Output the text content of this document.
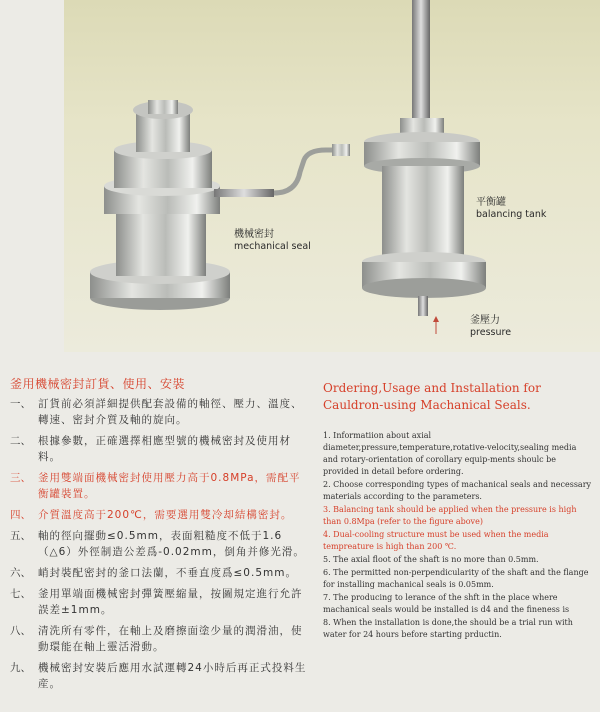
機械密封
mechanical seal
平衡罐
balancing tank
釜壓力
pressure
釜用機械密封訂貨、使用、安裝
一、 訂貨前必須詳細提供配套設備的軸徑、壓力、溫度、轉速、密封介質及軸的旋向。
二、 根據參數，正確選擇相應型號的機械密封及使用材料。
三、 釜用雙端面機械密封使用壓力高于0.8MPa，需配平衡罐裝置。
四、 介質溫度高于200℃，需要選用雙冷却結構密封。
五、 軸的徑向擺動≤0.5mm，表面粗糙度不低于1.6（△6）外徑制造公差爲-0.02mm，倒角并修光滑。
六、 峭封裝配密封的釜口法蘭，不垂直度爲≤0.5mm。
七、 釜用單端面機械密封彈簧壓縮量，按圖規定進行允許誤差±1mm。
八、 清洗所有零件，在軸上及磨擦面塗少量的潤滑油，使動環能在軸上靈活滑動。
九、 機械密封安裝后應用水試運轉24小時后再正式投料生産。
Ordering,Usage and Installation for Cauldron-using Machanical Seals.
1. Informatiion about axial diameter,pressure,temperature,rotative-velocity,sealing media and rotary-orientation of corollary equip-ments shoulc be provided in detail before ordering.
2. Choose corresponding types of machanical seals and necessary materials according to the parameters.
3. Balancing tank should be applied when the pressure is high than 0.8Mpa (refer to the figure above)
4. Dual-cooling structure must be used when the media tempreature is high than 200 ℃.
5. The axial floot of the shaft is no more than 0.5mm.
6. The permitted non-perpendicularity of the shaft and the flange for installing machanical seals is 0.05mm.
7. The producing to lerance of the shft in the place where machanical seals would be installed is d4 and the fineness is
8. When the installation is done,the should be a trial run with water for 24 hours before starting prductin.
